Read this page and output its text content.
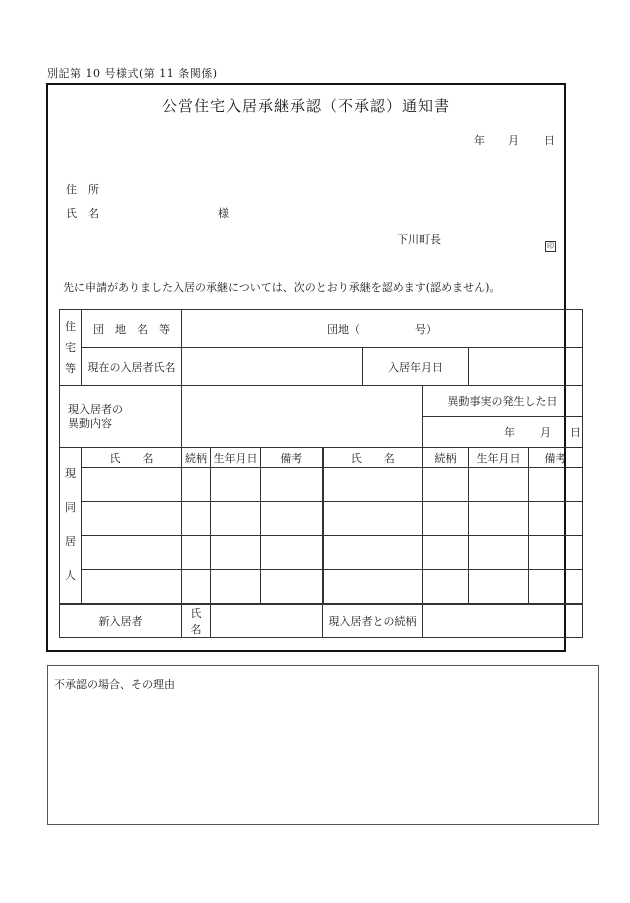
別記第 10 号様式(第 11 条関係)
公営住宅入居承継承認（不承認）通知書
年 月 日
住　所
氏　名	様
下川町長	印
先に申請がありました入居の承継については、次のとおり承継を認めます(認めません)。
住
宅
等	団　地　名　等	団地（　　　　　号）							
	現在の入居者氏名					入居年月日			
現入居者の
異動内容							異動事実の発生した日		
							年 月 日		
現
同
居
人	氏　　名	続柄	生年月日	備考	氏　　名		続柄	生年月日	備考

新入居者		氏　名			現入居者との続柄				
不承認の場合、その理由
